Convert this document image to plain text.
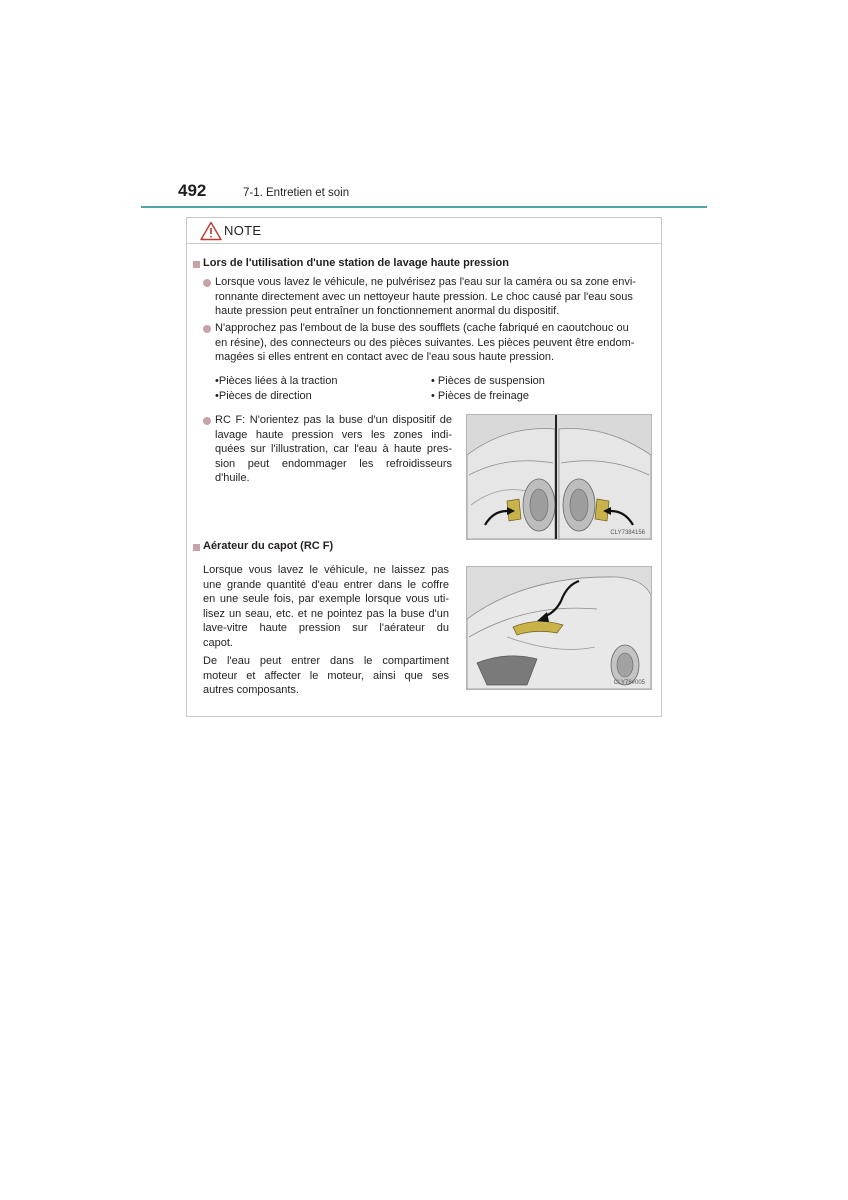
492	7-1. Entretien et soin
NOTE
Lors de l'utilisation d'une station de lavage haute pression
Lorsque vous lavez le véhicule, ne pulvérisez pas l'eau sur la caméra ou sa zone envi-
ronnante directement avec un nettoyeur haute pression. Le choc causé par l'eau sous
haute pression peut entraîner un fonctionnement anormal du dispositif.
N'approchez pas l'embout de la buse des soufflets (cache fabriqué en caoutchouc ou
en résine), des connecteurs ou des pièces suivantes. Les pièces peuvent être endom-
magées si elles entrent en contact avec de l'eau sous haute pression.
•Pièces liées à la traction
•Pièces de direction
• Pièces de suspension
• Pièces de freinage
RC F: N'orientez pas la buse d'un dispositif de
lavage haute pression vers les zones indi-
quées sur l'illustration, car l'eau à haute pres-
sion peut endommager les refroidisseurs
d'huile.
CLY7384156
Aérateur du capot (RC F)
Lorsque vous lavez le véhicule, ne laissez pas
une grande quantité d'eau entrer dans le coffre
en une seule fois, par exemple lorsque vous uti-
lisez un seau, etc. et ne pointez pas la buse d'un
lave-vitre haute pression sur l'aérateur du
capot.
De l'eau peut entrer dans le compartiment
moteur et affecter le moteur, ainsi que ses
autres composants.
CLY78#005
